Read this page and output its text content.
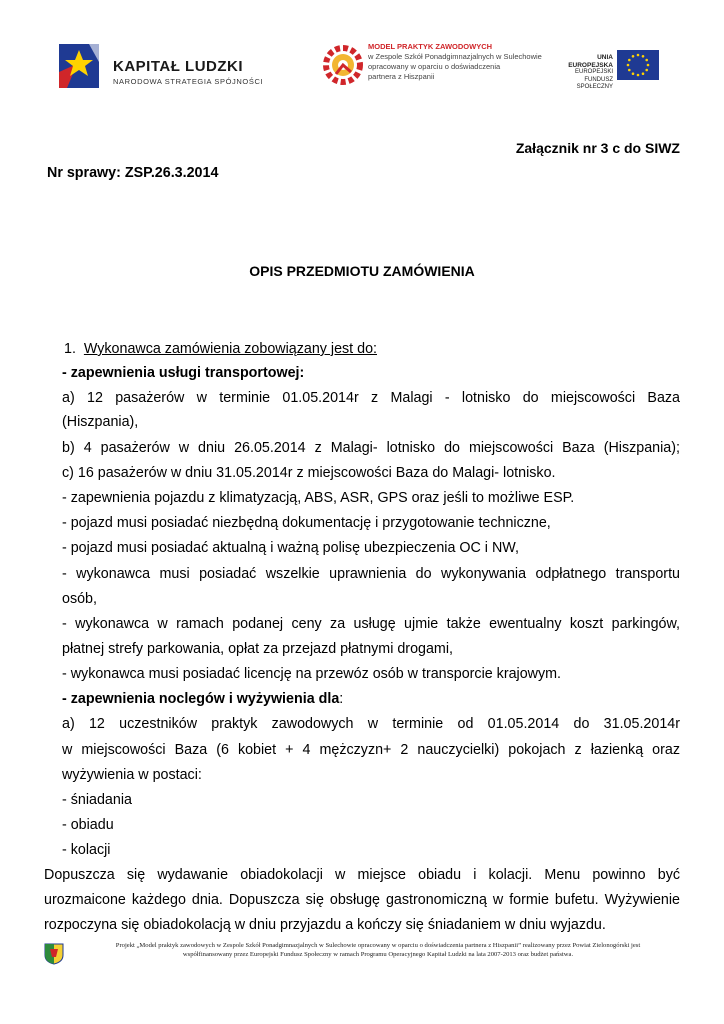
KAPITAŁ LUDZKI
NARODOWA STRATEGIA SPÓJNOŚCI
MODEL PRAKTYK ZAWODOWYCH
w Zespole Szkół Ponadgimnazjalnych w Sulechowie
opracowany w oparciu o doświadczenia
partnera z Hiszpanii
UNIA EUROPEJSKA
EUROPEJSKI
FUNDUSZ SPOŁECZNY
Załącznik nr 3 c do SIWZ
Nr sprawy: ZSP.26.3.2014
OPIS PRZEDMIOTU ZAMÓWIENIA
1. Wykonawca zamówienia zobowiązany jest do:
- zapewnienia usługi transportowej:
a) 12 pasażerów w terminie 01.05.2014r z Malagi - lotnisko do miejscowości Baza
(Hiszpania),
b) 4 pasażerów w dniu 26.05.2014 z Malagi- lotnisko do miejscowości Baza (Hiszpania);
c) 16 pasażerów w dniu 31.05.2014r z miejscowości Baza do Malagi- lotnisko.
- zapewnienia pojazdu z klimatyzacją, ABS, ASR, GPS oraz jeśli to możliwe ESP.
- pojazd musi posiadać niezbędną dokumentację i przygotowanie techniczne,
- pojazd musi posiadać aktualną i ważną polisę ubezpieczenia OC i NW,
- wykonawca musi posiadać wszelkie uprawnienia do wykonywania odpłatnego transportu
osób,
- wykonawca w ramach podanej ceny za usługę ujmie także ewentualny koszt parkingów,
płatnej strefy parkowania, opłat za przejazd płatnymi drogami,
- wykonawca musi posiadać licencję na przewóz osób w transporcie krajowym.
- zapewnienia noclegów i wyżywienia dla:
a) 12 uczestników praktyk zawodowych w terminie od 01.05.2014 do 31.05.2014r
w miejscowości Baza (6 kobiet + 4 mężczyzn+ 2 nauczycielki) pokojach z łazienką oraz
wyżywienia w postaci:
- śniadania
- obiadu
- kolacji
Dopuszcza się wydawanie obiadokolacji w miejsce obiadu i kolacji. Menu powinno być
urozmaicone każdego dnia. Dopuszcza się obsługę gastronomiczną w formie bufetu. Wyżywienie
rozpoczyna się obiadokolacją w dniu przyjazdu a kończy się śniadaniem w dniu wyjazdu.
Projekt „Model praktyk zawodowych w Zespole Szkół Ponadgimnazjalnych w Sulechowie opracowany w oparciu o doświadczenia partnera z Hiszpanii” realizowany przez Powiat Zielonogórski jest
współfinansowany przez Europejski Fundusz Społeczny w ramach Programu Operacyjnego Kapitał Ludzki na lata 2007-2013 oraz budżet państwa.
